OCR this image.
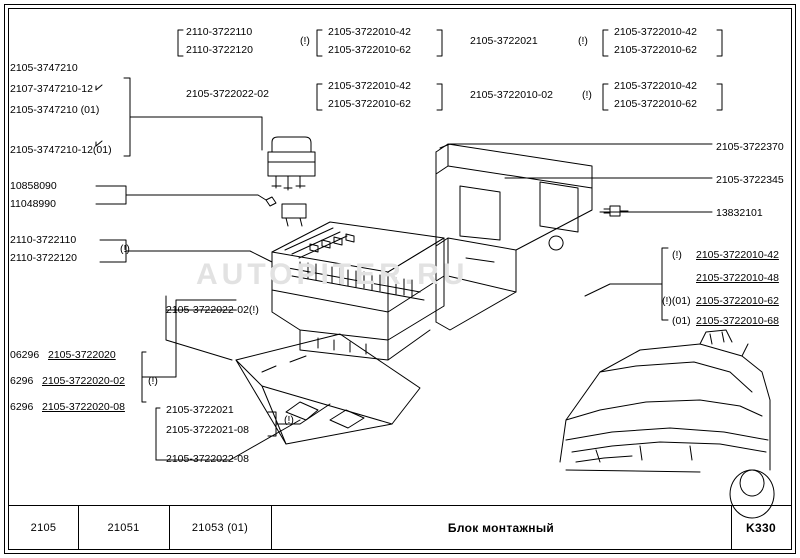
AUTOPITER.RU
2110-3722110
2110-3722120
(!)
2105-3722010-42
2105-3722010-62
2105-3722021	(!)
2105-3722010-42
2105-3722010-62
2105-3722022-02
2105-3722010-42
2105-3722010-62
2105-3722010-02	(!)
2105-3722010-42
2105-3722010-62
2105-3747210
2107-3747210-12
2105-3747210 (01)
2105-3747210-12(01)
10858090
11048990
2110-3722110
2110-3722120
(!)
06296 2105-3722020
6296 2105-3722020-02 (!)
6296 2105-3722020-08
2105-3722022-02(!)
2105-3722021
2105-3722021-08
2105-3722022-08
(!)
2105-3722370
2105-3722345
13832101
(!) 2105-3722010-42
2105-3722010-48
(!)(01) 2105-3722010-62
(01) 2105-3722010-68
2105	21051	21053 (01)	Блок монтажный	K330
